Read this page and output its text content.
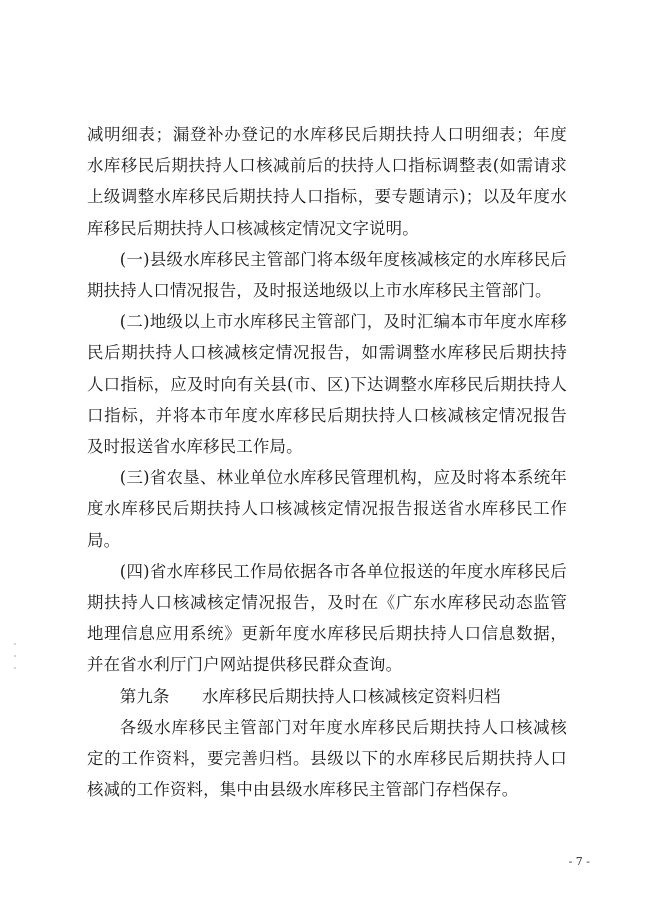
减明细表；漏登补办登记的水库移民后期扶持人口明细表；年度水库移民后期扶持人口核减前后的扶持人口指标调整表(如需请求上级调整水库移民后期扶持人口指标，要专题请示)；以及年度水库移民后期扶持人口核减核定情况文字说明。

(一)县级水库移民主管部门将本级年度核减核定的水库移民后期扶持人口情况报告，及时报送地级以上市水库移民主管部门。

(二)地级以上市水库移民主管部门，及时汇编本市年度水库移民后期扶持人口核减核定情况报告，如需调整水库移民后期扶持人口指标，应及时向有关县(市、区)下达调整水库移民后期扶持人口指标，并将本市年度水库移民后期扶持人口核减核定情况报告及时报送省水库移民工作局。

(三)省农垦、林业单位水库移民管理机构，应及时将本系统年度水库移民后期扶持人口核减核定情况报告报送省水库移民工作局。

(四)省水库移民工作局依据各市各单位报送的年度水库移民后期扶持人口核减核定情况报告，及时在《广东水库移民动态监管地理信息应用系统》更新年度水库移民后期扶持人口信息数据，并在省水利厅门户网站提供移民群众查询。

第九条 水库移民后期扶持人口核减核定资料归档

各级水库移民主管部门对年度水库移民后期扶持人口核减核定的工作资料，要完善归档。县级以下的水库移民后期扶持人口核减的工作资料，集中由县级水库移民主管部门存档保存。

- 7 -
